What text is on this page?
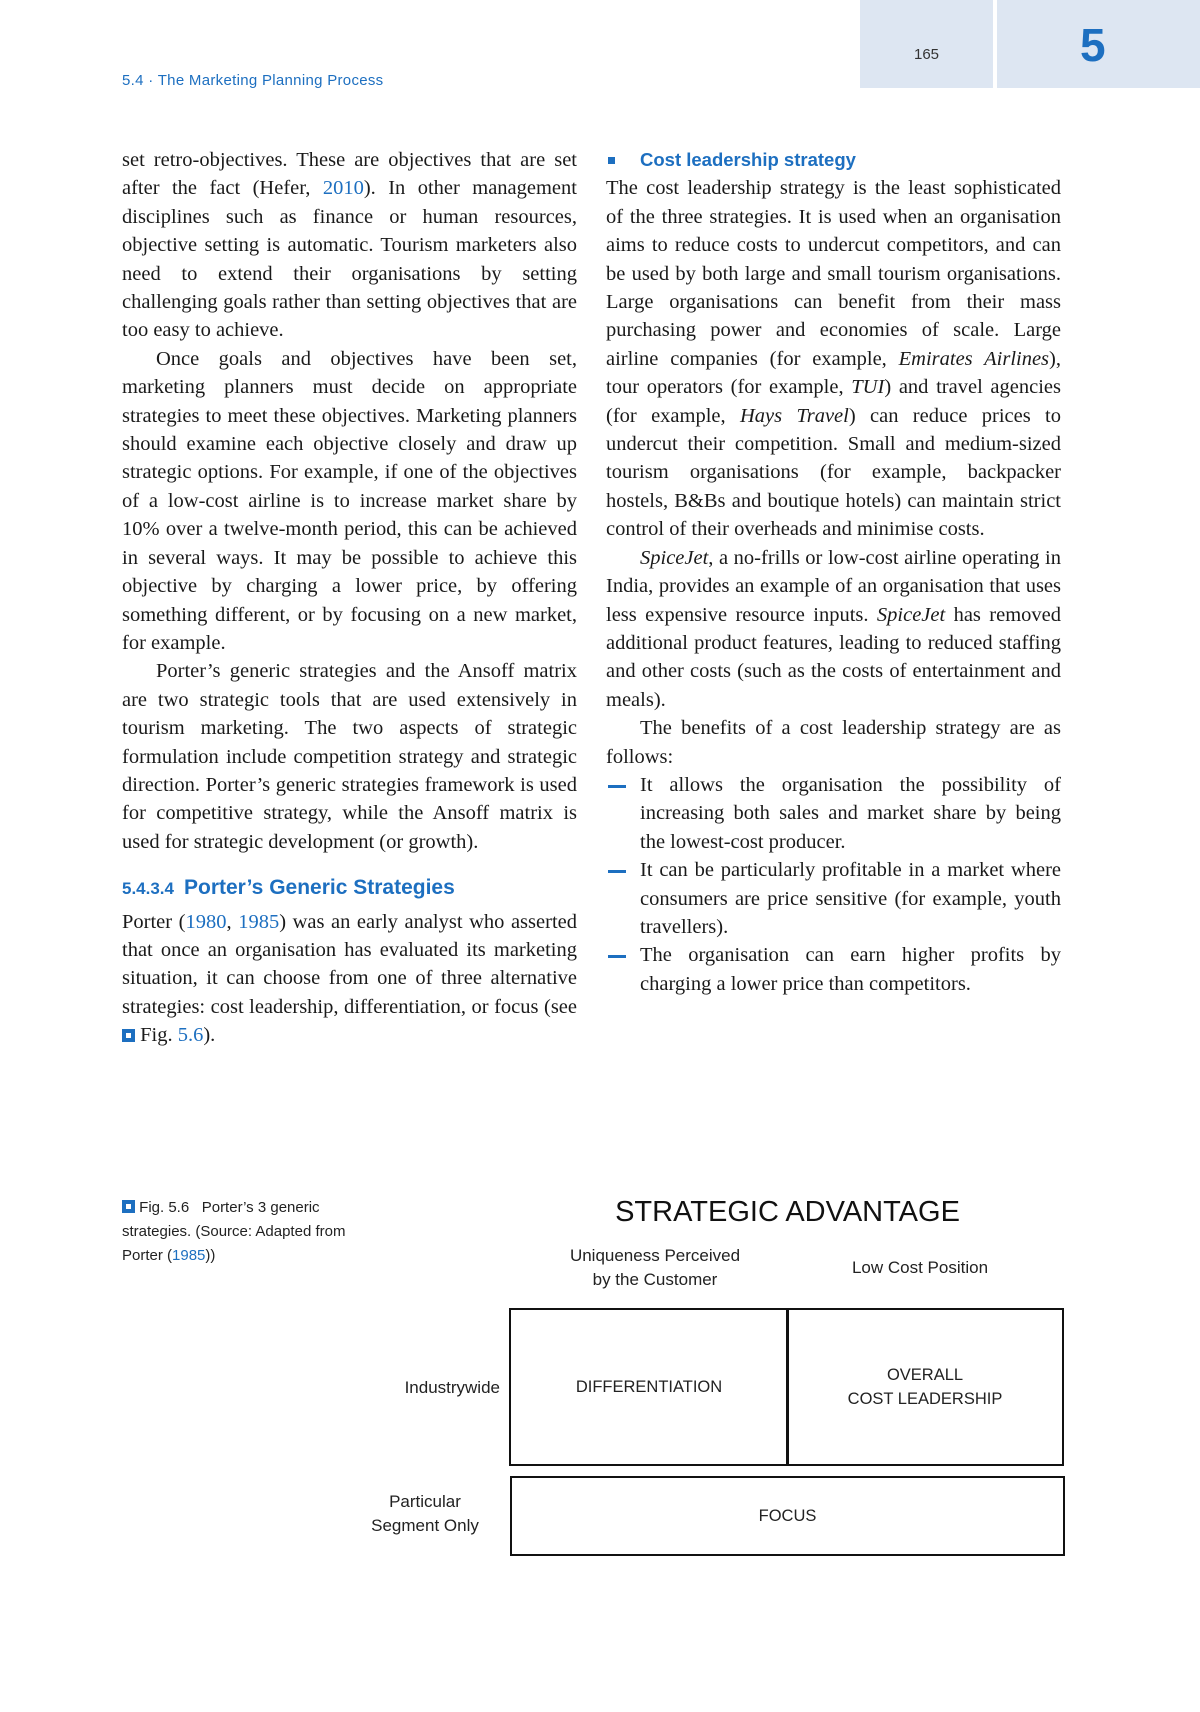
165	5
5.4 · The Marketing Planning Process

set retro-objectives. These are objectives that are set after the fact (Hefer, 2010). In other management disciplines such as finance or human resources, objective setting is automatic. Tourism marketers also need to extend their organisations by setting challenging goals rather than setting objectives that are too easy to achieve.

Once goals and objectives have been set, marketing planners must decide on appropriate strategies to meet these objectives. Marketing planners should examine each objective closely and draw up strategic options. For example, if one of the objectives of a low-cost airline is to increase market share by 10% over a twelve-month period, this can be achieved in several ways. It may be possible to achieve this objective by charging a lower price, by offering something different, or by focusing on a new market, for example.

Porter’s generic strategies and the Ansoff matrix are two strategic tools that are used extensively in tourism marketing. The two aspects of strategic formulation include competition strategy and strategic direction. Porter’s generic strategies framework is used for competitive strategy, while the Ansoff matrix is used for strategic development (or growth).

5.4.3.4 Porter’s Generic Strategies

Porter (1980, 1985) was an early analyst who asserted that once an organisation has evaluated its marketing situation, it can choose from one of three alternative strategies: cost leadership, differentiation, or focus (see  Fig. 5.6).

Cost leadership strategy

The cost leadership strategy is the least sophisticated of the three strategies. It is used when an organisation aims to reduce costs to undercut competitors, and can be used by both large and small tourism organisations. Large organisations can benefit from their mass purchasing power and economies of scale. Large airline companies (for example, Emirates Airlines), tour operators (for example, TUI) and travel agencies (for example, Hays Travel) can reduce prices to undercut their competition. Small and medium-sized tourism organisations (for example, backpacker hostels, B&Bs and boutique hotels) can maintain strict control of their overheads and minimise costs.

SpiceJet, a no-frills or low-cost airline operating in India, provides an example of an organisation that uses less expensive resource inputs. SpiceJet has removed additional product features, leading to reduced staffing and other costs (such as the costs of entertainment and meals).

The benefits of a cost leadership strategy are as follows:

It allows the organisation the possibility of increasing both sales and market share by being the lowest-cost producer.
It can be particularly profitable in a market where consumers are price sensitive (for example, youth travellers).
The organisation can earn higher profits by charging a lower price than competitors.
Fig. 5.6 Porter’s 3 generic strategies. (Source: Adapted from Porter (1985))
STRATEGIC ADVANTAGE
Uniqueness Perceived
by the Customer
Low Cost Position
Industrywide
Particular
Segment Only
DIFFERENTIATION
OVERALL
COST LEADERSHIP
FOCUS
